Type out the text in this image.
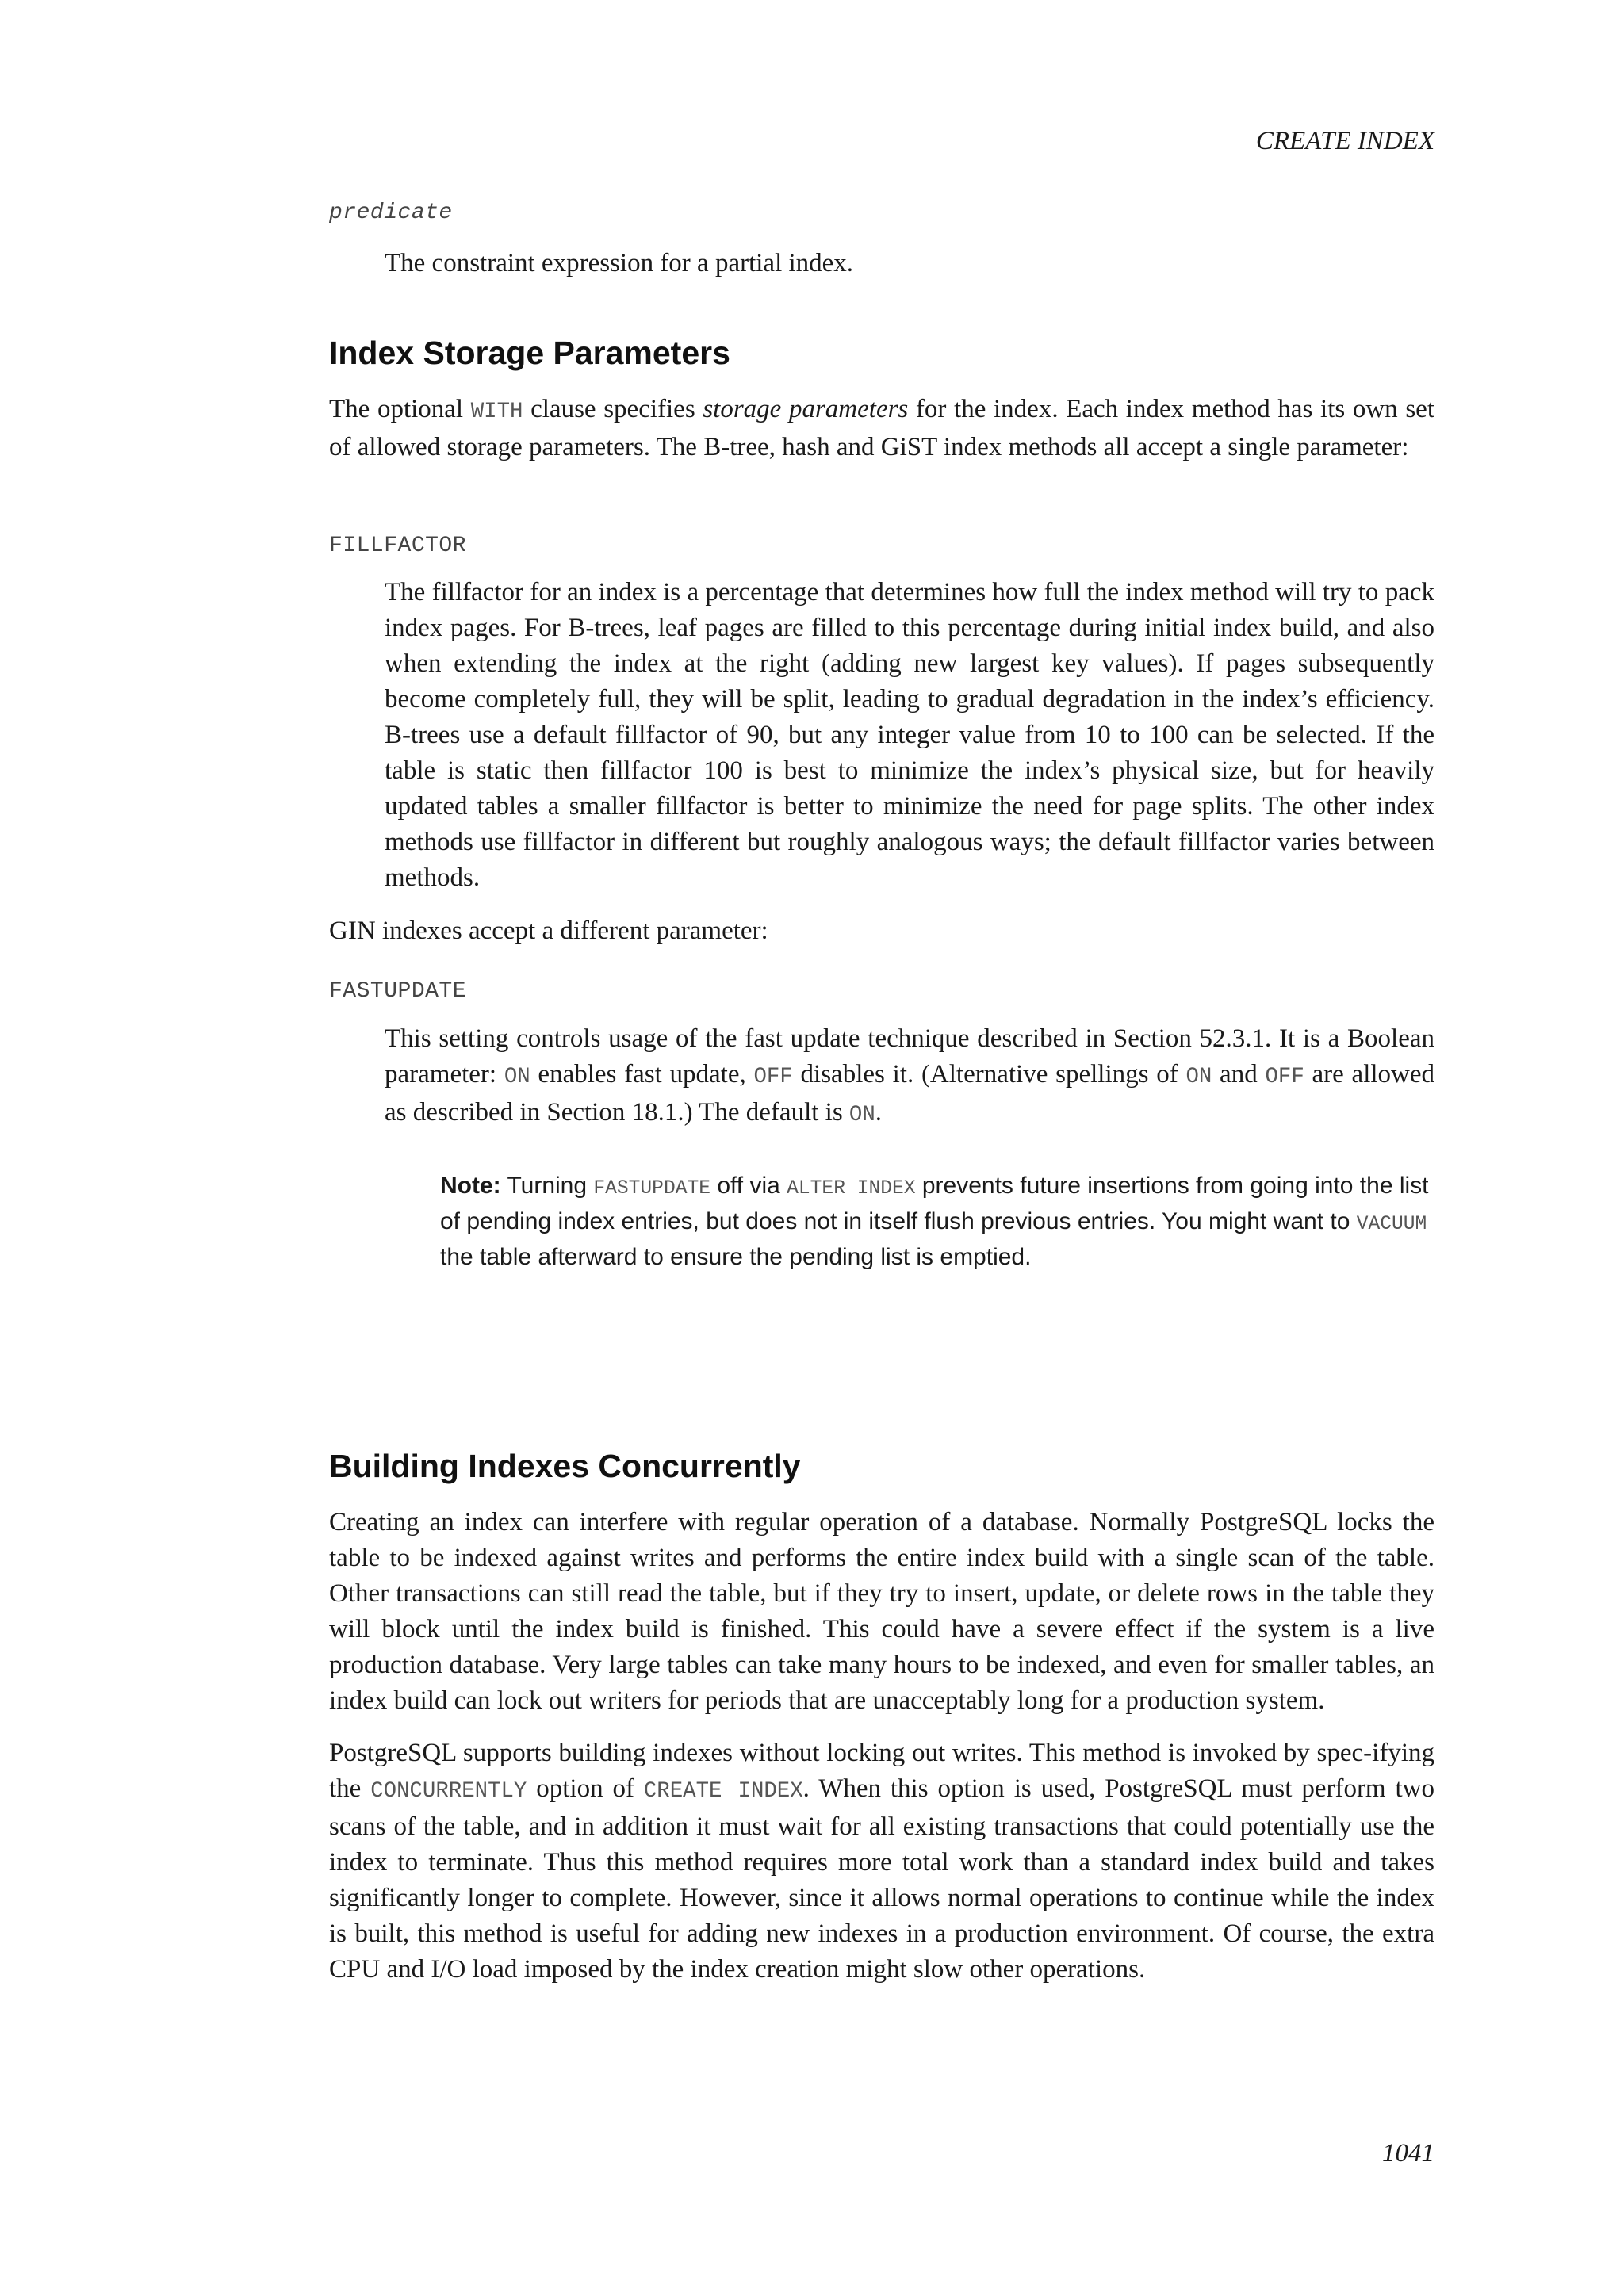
CREATE INDEX
predicate
The constraint expression for a partial index.
Index Storage Parameters
The optional WITH clause specifies storage parameters for the index. Each index method has its own set of allowed storage parameters. The B-tree, hash and GiST index methods all accept a single parameter:
FILLFACTOR
The fillfactor for an index is a percentage that determines how full the index method will try to pack index pages. For B-trees, leaf pages are filled to this percentage during initial index build, and also when extending the index at the right (adding new largest key values). If pages subsequently become completely full, they will be split, leading to gradual degradation in the index’s efficiency. B-trees use a default fillfactor of 90, but any integer value from 10 to 100 can be selected. If the table is static then fillfactor 100 is best to minimize the index’s physical size, but for heavily updated tables a smaller fillfactor is better to minimize the need for page splits. The other index methods use fillfactor in different but roughly analogous ways; the default fillfactor varies between methods.
GIN indexes accept a different parameter:
FASTUPDATE
This setting controls usage of the fast update technique described in Section 52.3.1. It is a Boolean parameter: ON enables fast update, OFF disables it. (Alternative spellings of ON and OFF are allowed as described in Section 18.1.) The default is ON.
Note: Turning FASTUPDATE off via ALTER INDEX prevents future insertions from going into the list of pending index entries, but does not in itself flush previous entries. You might want to VACUUM the table afterward to ensure the pending list is emptied.
Building Indexes Concurrently
Creating an index can interfere with regular operation of a database. Normally PostgreSQL locks the table to be indexed against writes and performs the entire index build with a single scan of the table. Other transactions can still read the table, but if they try to insert, update, or delete rows in the table they will block until the index build is finished. This could have a severe effect if the system is a live production database. Very large tables can take many hours to be indexed, and even for smaller tables, an index build can lock out writers for periods that are unacceptably long for a production system.
PostgreSQL supports building indexes without locking out writes. This method is invoked by spec-ifying the CONCURRENTLY option of CREATE INDEX. When this option is used, PostgreSQL must perform two scans of the table, and in addition it must wait for all existing transactions that could potentially use the index to terminate. Thus this method requires more total work than a standard index build and takes significantly longer to complete. However, since it allows normal operations to continue while the index is built, this method is useful for adding new indexes in a production environment. Of course, the extra CPU and I/O load imposed by the index creation might slow other operations.
1041
